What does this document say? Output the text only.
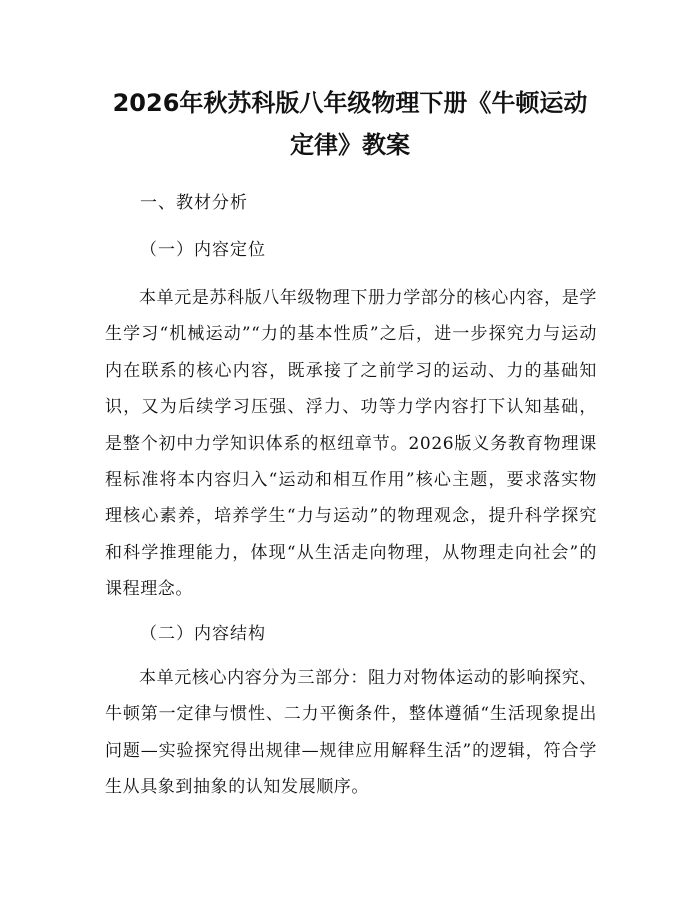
2026年秋苏科版八年级物理下册《牛顿运动
定律》教案

一、教材分析

（一）内容定位

本单元是苏科版八年级物理下册力学部分的核心内容，是学生学习“机械运动”“力的基本性质”之后，进一步探究力与运动内在联系的核心内容，既承接了之前学习的运动、力的基础知识，又为后续学习压强、浮力、功等力学内容打下认知基础，是整个初中力学知识体系的枢纽章节。2026版义务教育物理课程标准将本内容归入“运动和相互作用”核心主题，要求落实物理核心素养，培养学生“力与运动”的物理观念，提升科学探究和科学推理能力，体现“从生活走向物理，从物理走向社会”的课程理念。

（二）内容结构

本单元核心内容分为三部分：阻力对物体运动的影响探究、牛顿第一定律与惯性、二力平衡条件，整体遵循“生活现象提出问题—实验探究得出规律—规律应用解释生活”的逻辑，符合学生从具象到抽象的认知发展顺序。
